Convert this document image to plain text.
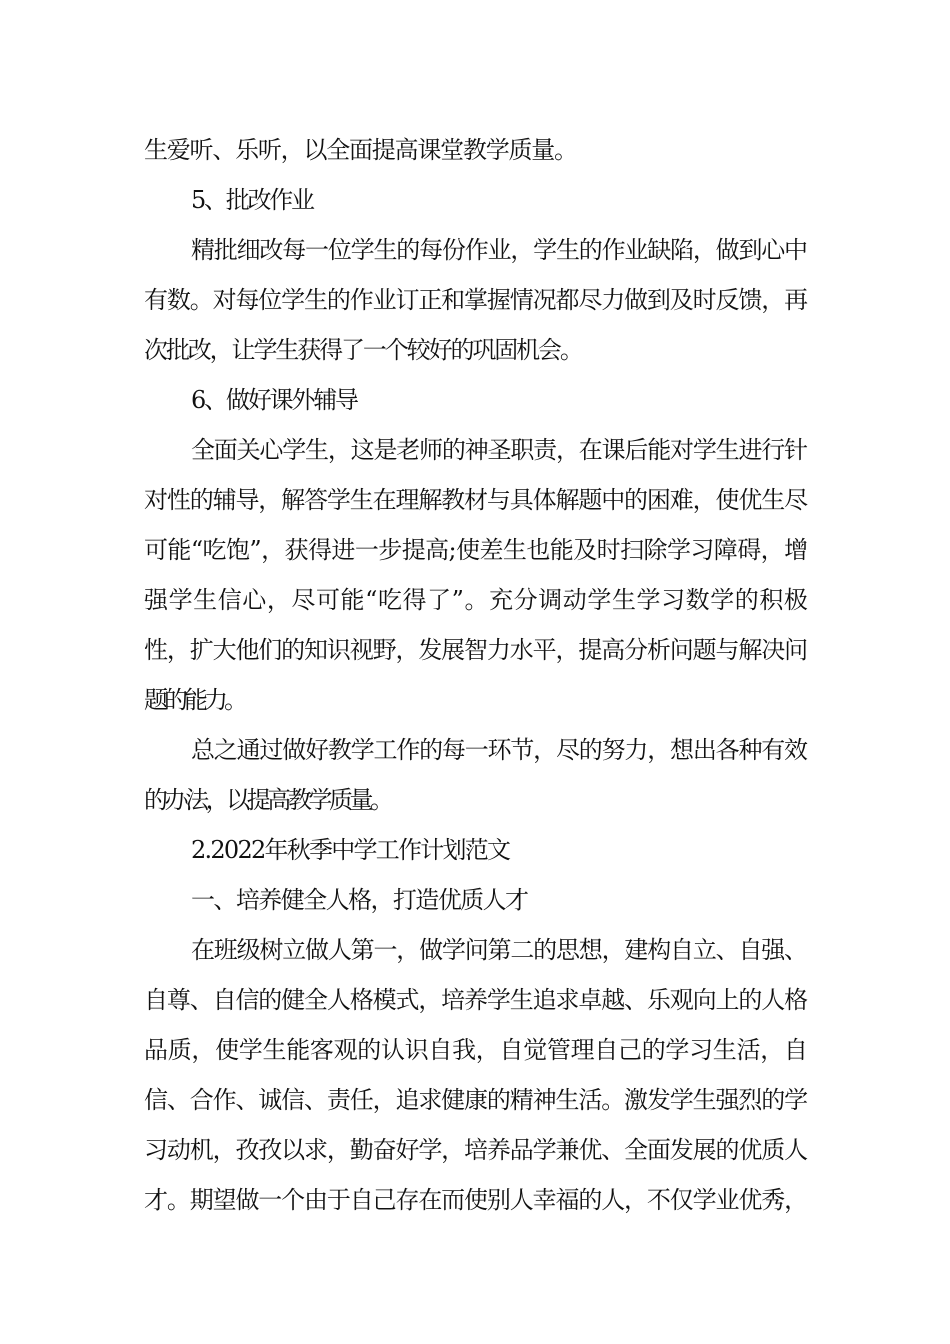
生爱听、乐听，以全面提高课堂教学质量。
5、批改作业
精批细改每一位学生的每份作业，学生的作业缺陷，做到心中
有数。对每位学生的作业订正和掌握情况都尽力做到及时反馈，再
次批改，让学生获得了一个较好的巩固机会。
6、做好课外辅导
全面关心学生，这是老师的神圣职责，在课后能对学生进行针
对性的辅导，解答学生在理解教材与具体解题中的困难，使优生尽
可能“吃饱”，获得进一步提高;使差生也能及时扫除学习障碍，增
强学生信心，尽可能“吃得了”。充分调动学生学习数学的积极
性，扩大他们的知识视野，发展智力水平，提高分析问题与解决问
题的能力。
总之通过做好教学工作的每一环节，尽的努力，想出各种有效
的办法，以提高教学质量。
2.2022年秋季中学工作计划范文
一、培养健全人格，打造优质人才
在班级树立做人第一，做学问第二的思想，建构自立、自强、
自尊、自信的健全人格模式，培养学生追求卓越、乐观向上的人格
品质，使学生能客观的认识自我，自觉管理自己的学习生活，自
信、合作、诚信、责任，追求健康的精神生活。激发学生强烈的学
习动机，孜孜以求，勤奋好学，培养品学兼优、全面发展的优质人
才。期望做一个由于自己存在而使别人幸福的人，不仅学业优秀，
